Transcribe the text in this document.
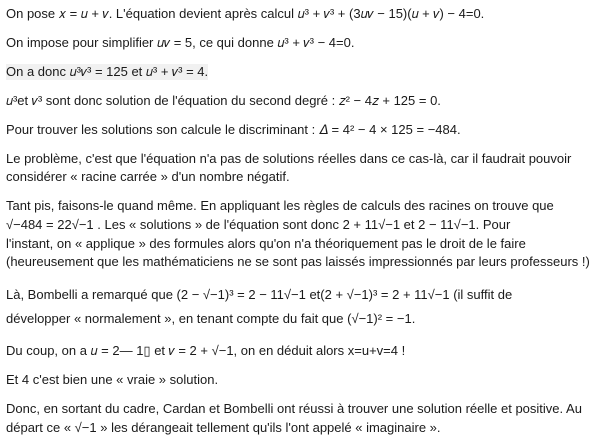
On pose 𝑥 = 𝑢 + 𝑣. L'équation devient après calcul 𝑢³ + 𝑣³ + (3𝑢𝑣 − 15)(𝑢 + 𝑣) − 4=0.
On impose pour simplifier 𝑢𝑣 = 5, ce qui donne 𝑢³ + 𝑣³ − 4=0.
On a donc 𝑢³𝑣³ = 125 et 𝑢³ + 𝑣³ = 4.
𝑢³et 𝑣³ sont donc solution de l'équation du second degré : 𝑧² − 4𝑧 + 125 = 0.
Pour trouver les solutions son calcule le discriminant : 𝛥 = 4² − 4 × 125 = −484.
Le problème, c'est que l'équation n'a pas de solutions réelles dans ce cas-là, car il faudrait pouvoir
considérer « racine carrée » d'un nombre négatif.
Tant pis, faisons-le quand même. En appliquant les règles de calculs des racines on trouve que
√−484 = 22√−1 . Les « solutions » de l'équation sont donc 2 + 11√−1 et 2 − 11√−1. Pour
l'instant, on « applique » des formules alors qu'on n'a théoriquement pas le droit de le faire
(heureusement que les mathématiciens ne se sont pas laissés impressionnés par leurs professeurs !)
Là, Bombelli a remarqué que (2 − √−1)³ = 2 − 11√−1 et(2 + √−1)³ = 2 + 11√−1 (il suffit de
développer « normalement », en tenant compte du fait que (√−1)² = −1.
Du coup, on a 𝑢 = 2— 1▯ et 𝑣 = 2 + √−1, on en déduit alors x=u+v=4 !
Et 4 c'est bien une « vraie » solution.
Donc, en sortant du cadre, Cardan et Bombelli ont réussi à trouver une solution réelle et positive. Au
départ ce « √−1 » les dérangeait tellement qu'ils l'ont appelé « imaginaire ».
